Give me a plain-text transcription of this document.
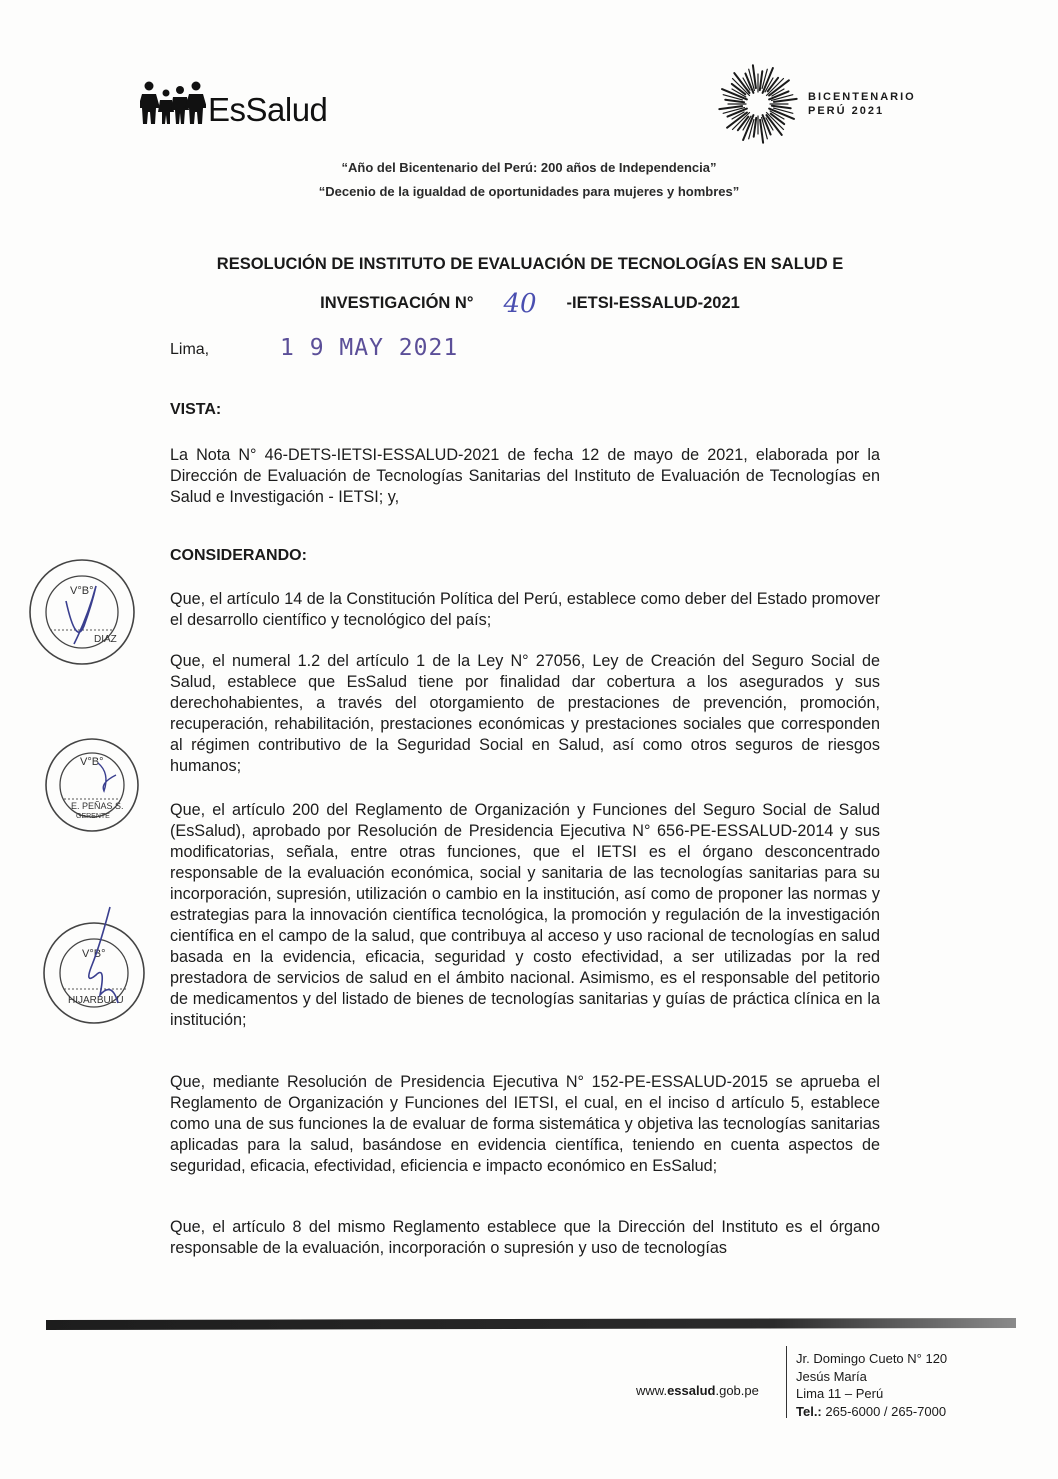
EsSalud	BICENTENARIO
PERÚ 2021
“Año del Bicentenario del Perú: 200 años de Independencia”
“Decenio de la igualdad de oportunidades para mujeres y hombres”
RESOLUCIÓN DE INSTITUTO DE EVALUACIÓN DE TECNOLOGÍAS EN SALUD E
INVESTIGACIÓN N° 40 -IETSI-ESSALUD-2021
Lima,	1 9 MAY 2021
VISTA:
La Nota N° 46-DETS-IETSI-ESSALUD-2021 de fecha 12 de mayo de 2021, elaborada por la Dirección de Evaluación de Tecnologías Sanitarias del Instituto de Evaluación de Tecnologías en Salud e Investigación - IETSI; y,
CONSIDERANDO:
Que, el artículo 14 de la Constitución Política del Perú, establece como deber del Estado promover el desarrollo científico y tecnológico del país;
Que, el numeral 1.2 del artículo 1 de la Ley N° 27056, Ley de Creación del Seguro Social de Salud, establece que EsSalud tiene por finalidad dar cobertura a los asegurados y sus derechohabientes, a través del otorgamiento de prestaciones de prevención, promoción, recuperación, rehabilitación, prestaciones económicas y prestaciones sociales que corresponden al régimen contributivo de la Seguridad Social en Salud, así como otros seguros de riesgos humanos;
Que, el artículo 200 del Reglamento de Organización y Funciones del Seguro Social de Salud (EsSalud), aprobado por Resolución de Presidencia Ejecutiva N° 656-PE-ESSALUD-2014 y sus modificatorias, señala, entre otras funciones, que el IETSI es el órgano desconcentrado responsable de la evaluación económica, social y sanitaria de las tecnologías sanitarias para su incorporación, supresión, utilización o cambio en la institución, así como de proponer las normas y estrategias para la innovación científica tecnológica, la promoción y regulación de la investigación científica en el campo de la salud, que contribuya al acceso y uso racional de tecnologías en salud basada en la evidencia, eficacia, seguridad y costo efectividad, a ser utilizadas por la red prestadora de servicios de salud en el ámbito nacional. Asimismo, es el responsable del petitorio de medicamentos y del listado de bienes de tecnologías sanitarias y guías de práctica clínica en la institución;
Que, mediante Resolución de Presidencia Ejecutiva N° 152-PE-ESSALUD-2015 se aprueba el Reglamento de Organización y Funciones del IETSI, el cual, en el inciso d artículo 5, establece como una de sus funciones la de evaluar de forma sistemática y objetiva las tecnologías sanitarias aplicadas para la salud, basándose en evidencia científica, teniendo en cuenta aspectos de seguridad, eficacia, efectividad, eficiencia e impacto económico en EsSalud;
Que, el artículo 8 del mismo Reglamento establece que la Dirección del Instituto es el órgano responsable de la evaluación, incorporación o supresión y uso de tecnologías
V°B°
DIAZ
V°B°
E. PEÑAS S.
GERENTE
V°B°
HIJARBULU
www.essalud.gob.pe
Jr. Domingo Cueto N° 120
Jesús María
Lima 11 – Perú
Tel.: 265-6000 / 265-7000
